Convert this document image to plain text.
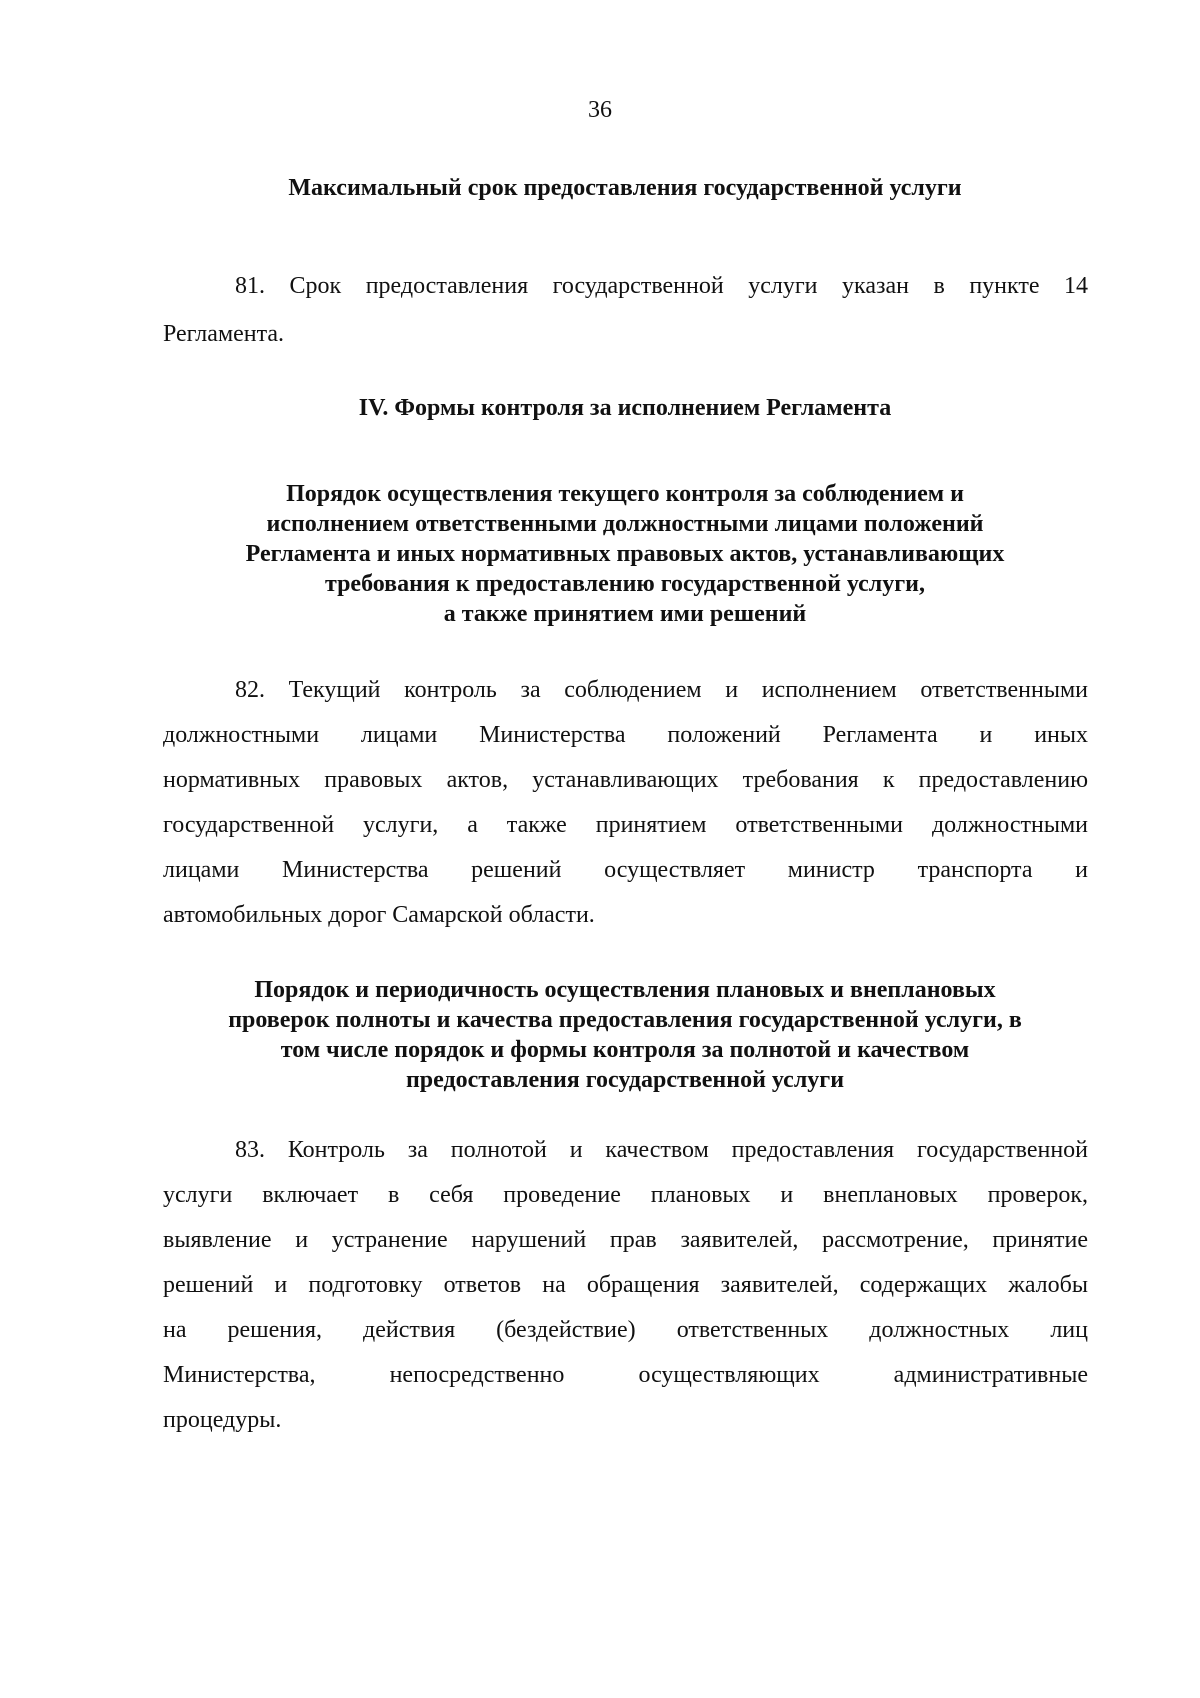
36
Максимальный срок предоставления государственной услуги
81. Срок предоставления государственной услуги указан в пункте 14
Регламента.
IV. Формы контроля за исполнением Регламента
Порядок осуществления текущего контроля за соблюдением и
исполнением ответственными должностными лицами положений
Регламента и иных нормативных правовых актов, устанавливающих
требования к предоставлению государственной услуги,
а также принятием ими решений
82. Текущий контроль за соблюдением и исполнением ответственными
должностными лицами Министерства положений Регламента и иных
нормативных правовых актов, устанавливающих требования к предоставлению
государственной услуги, а также принятием ответственными должностными
лицами Министерства решений осуществляет министр транспорта и
автомобильных дорог Самарской области.
Порядок и периодичность осуществления плановых и внеплановых
проверок полноты и качества предоставления государственной услуги, в
том числе порядок и формы контроля за полнотой и качеством
предоставления государственной услуги
83. Контроль за полнотой и качеством предоставления государственной
услуги включает в себя проведение плановых и внеплановых проверок,
выявление и устранение нарушений прав заявителей, рассмотрение, принятие
решений и подготовку ответов на обращения заявителей, содержащих жалобы
на решения, действия (бездействие) ответственных должностных лиц
Министерства, непосредственно осуществляющих административные
процедуры.
